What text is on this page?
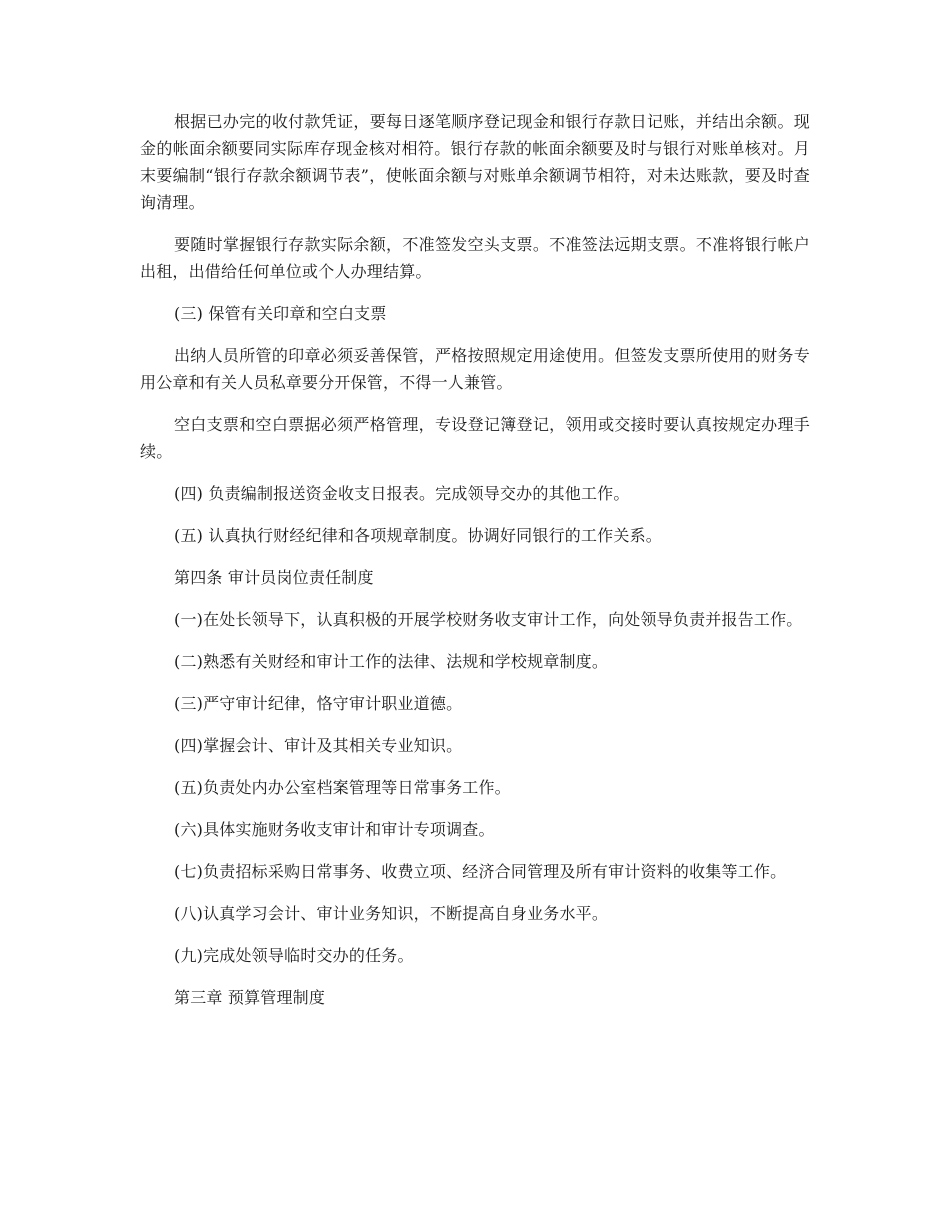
根据已办完的收付款凭证，要每日逐笔顺序登记现金和银行存款日记账，并结出余额。现金的帐面余额要同实际库存现金核对相符。银行存款的帐面余额要及时与银行对账单核对。月末要编制“银行存款余额调节表”，使帐面余额与对账单余额调节相符，对未达账款，要及时查询清理。

要随时掌握银行存款实际余额，不准签发空头支票。不准签法远期支票。不准将银行帐户出租，出借给任何单位或个人办理结算。

(三) 保管有关印章和空白支票

出纳人员所管的印章必须妥善保管，严格按照规定用途使用。但签发支票所使用的财务专用公章和有关人员私章要分开保管，不得一人兼管。

空白支票和空白票据必须严格管理，专设登记簿登记，领用或交接时要认真按规定办理手续。

(四) 负责编制报送资金收支日报表。完成领导交办的其他工作。

(五) 认真执行财经纪律和各项规章制度。协调好同银行的工作关系。

第四条 审计员岗位责任制度

(一)在处长领导下，认真积极的开展学校财务收支审计工作，向处领导负责并报告工作。

(二)熟悉有关财经和审计工作的法律、法规和学校规章制度。

(三)严守审计纪律，恪守审计职业道德。

(四)掌握会计、审计及其相关专业知识。

(五)负责处内办公室档案管理等日常事务工作。

(六)具体实施财务收支审计和审计专项调查。

(七)负责招标采购日常事务、收费立项、经济合同管理及所有审计资料的收集等工作。

(八)认真学习会计、审计业务知识，不断提高自身业务水平。

(九)完成处领导临时交办的任务。

第三章 预算管理制度
